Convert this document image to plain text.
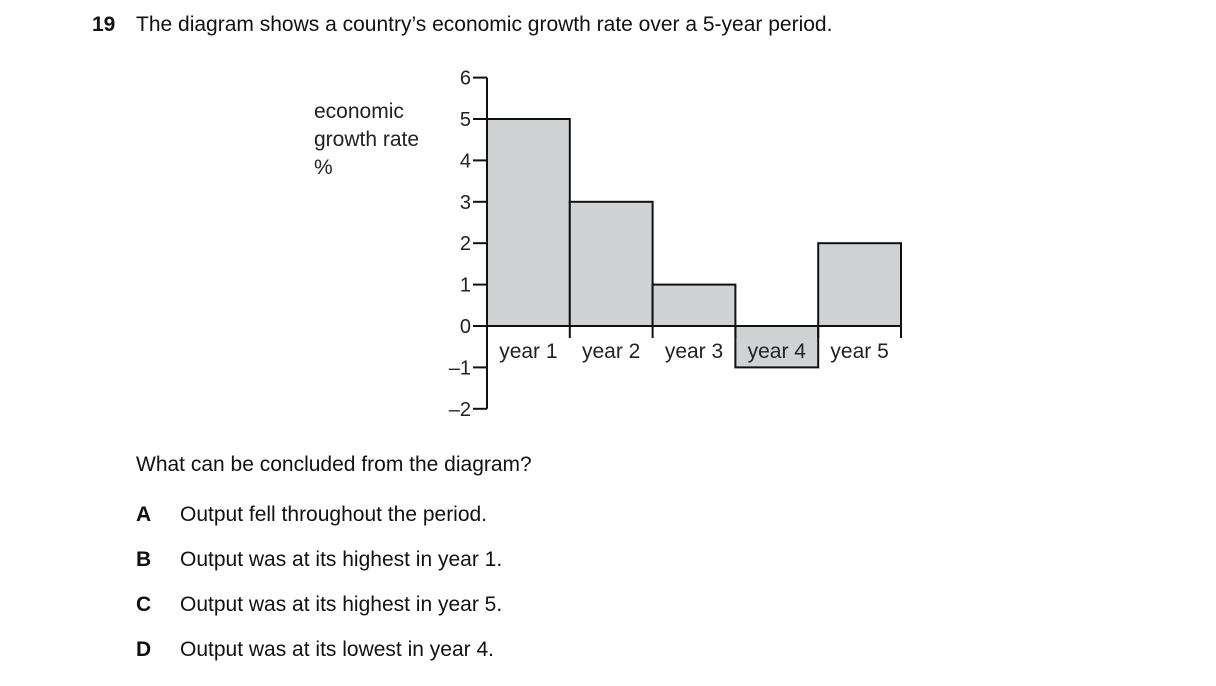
19 The diagram shows a country’s economic growth rate over a 5-year period.
economic
growth rate
%
6
5
4
3
2
1
0
–1
–2
year 1 year 2 year 3 year 4 year 5
What can be concluded from the diagram?
A Output fell throughout the period.
B Output was at its highest in year 1.
C Output was at its highest in year 5.
D Output was at its lowest in year 4.
